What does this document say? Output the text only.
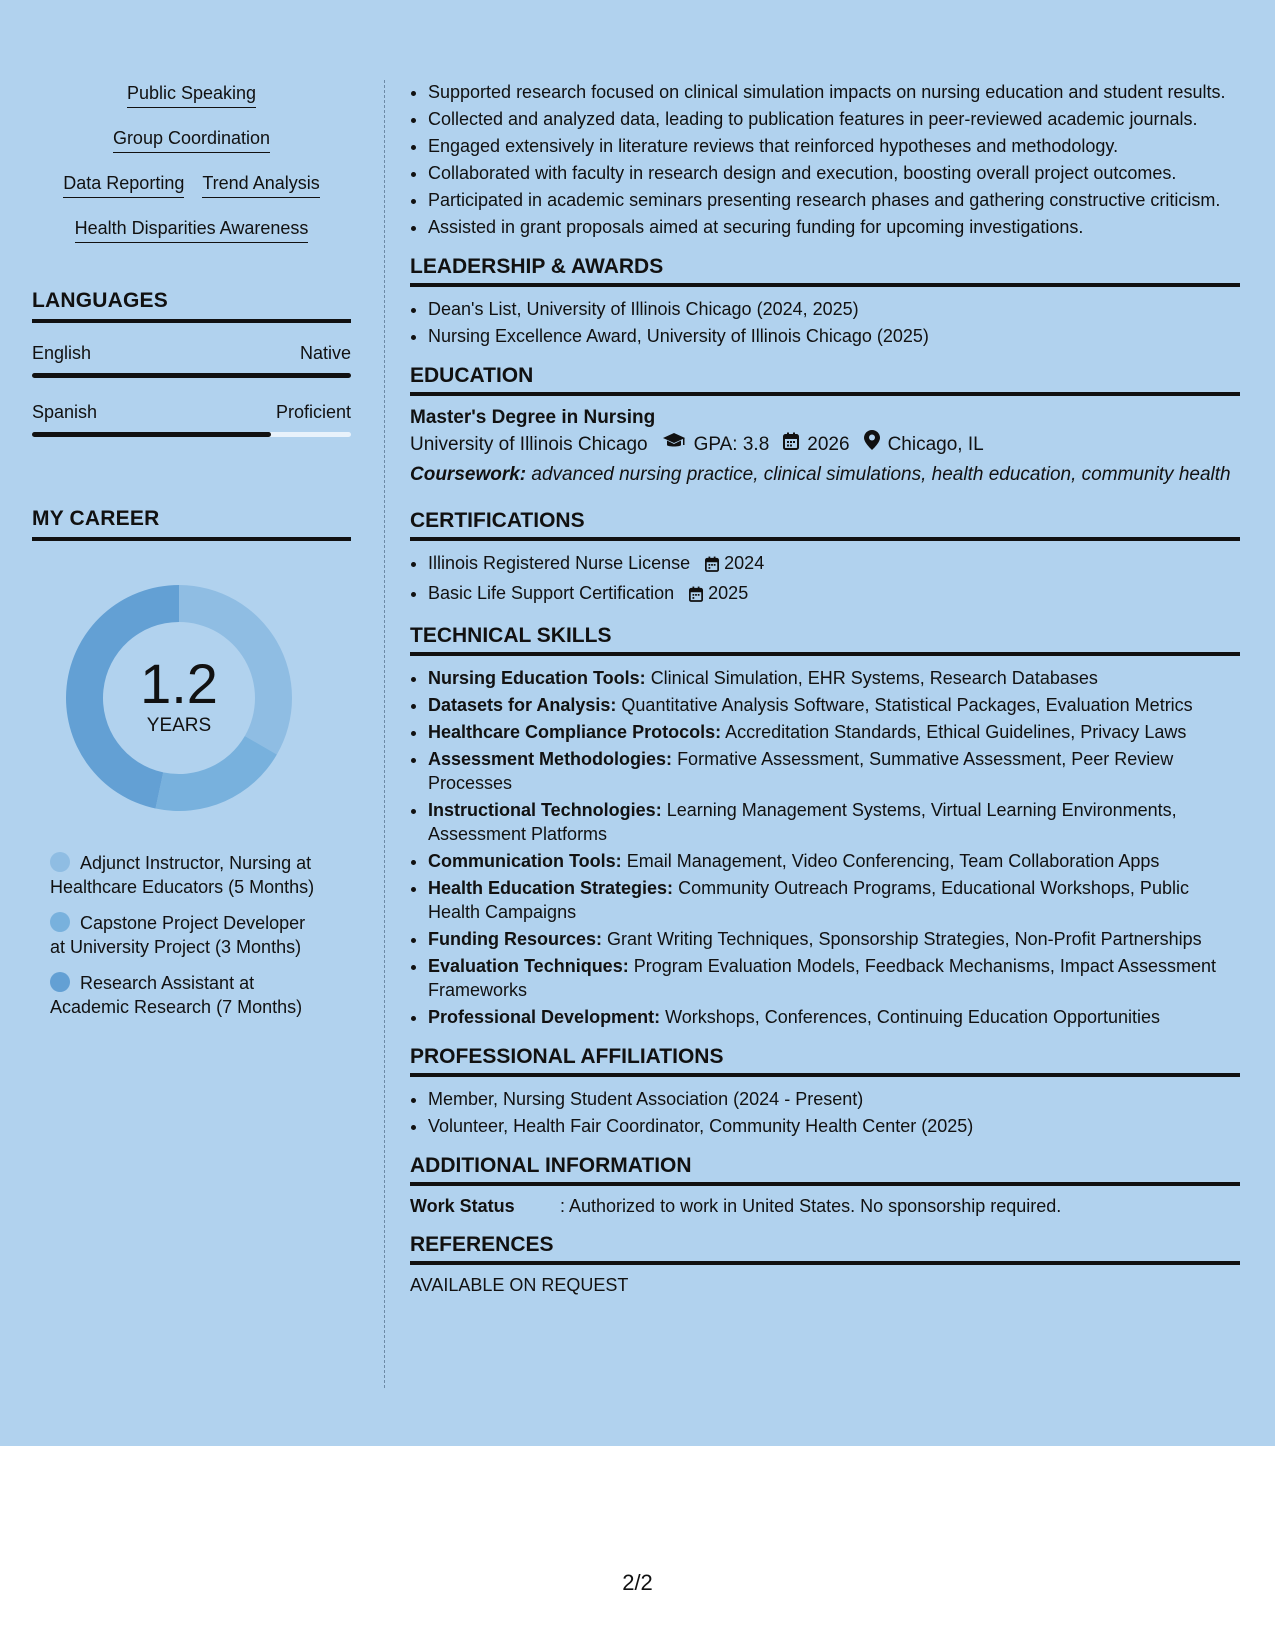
Public Speaking
Group Coordination
Data Reporting Trend Analysis
Health Disparities Awareness
LANGUAGES
English	Native
Spanish	Proficient
MY CAREER
1.2
YEARS
Adjunct Instructor, Nursing at Healthcare Educators (5 Months)
Capstone Project Developer at University Project (3 Months)
Research Assistant at Academic Research (7 Months)
• Supported research focused on clinical simulation impacts on nursing education and student results.
• Collected and analyzed data, leading to publication features in peer-reviewed academic journals.
• Engaged extensively in literature reviews that reinforced hypotheses and methodology.
• Collaborated with faculty in research design and execution, boosting overall project outcomes.
• Participated in academic seminars presenting research phases and gathering constructive criticism.
• Assisted in grant proposals aimed at securing funding for upcoming investigations.
LEADERSHIP & AWARDS
• Dean's List, University of Illinois Chicago (2024, 2025)
• Nursing Excellence Award, University of Illinois Chicago (2025)
EDUCATION
Master's Degree in Nursing
University of Illinois Chicago GPA: 3.8 2026 Chicago, IL
Coursework: advanced nursing practice, clinical simulations, health education, community health
CERTIFICATIONS
• Illinois Registered Nurse License 2024
• Basic Life Support Certification 2025
TECHNICAL SKILLS
• Nursing Education Tools: Clinical Simulation, EHR Systems, Research Databases
• Datasets for Analysis: Quantitative Analysis Software, Statistical Packages, Evaluation Metrics
• Healthcare Compliance Protocols: Accreditation Standards, Ethical Guidelines, Privacy Laws
• Assessment Methodologies: Formative Assessment, Summative Assessment, Peer Review Processes
• Instructional Technologies: Learning Management Systems, Virtual Learning Environments, Assessment Platforms
• Communication Tools: Email Management, Video Conferencing, Team Collaboration Apps
• Health Education Strategies: Community Outreach Programs, Educational Workshops, Public Health Campaigns
• Funding Resources: Grant Writing Techniques, Sponsorship Strategies, Non-Profit Partnerships
• Evaluation Techniques: Program Evaluation Models, Feedback Mechanisms, Impact Assessment Frameworks
• Professional Development: Workshops, Conferences, Continuing Education Opportunities
PROFESSIONAL AFFILIATIONS
• Member, Nursing Student Association (2024 - Present)
• Volunteer, Health Fair Coordinator, Community Health Center (2025)
ADDITIONAL INFORMATION
Work Status	: Authorized to work in United States. No sponsorship required.
REFERENCES
AVAILABLE ON REQUEST
2/2
